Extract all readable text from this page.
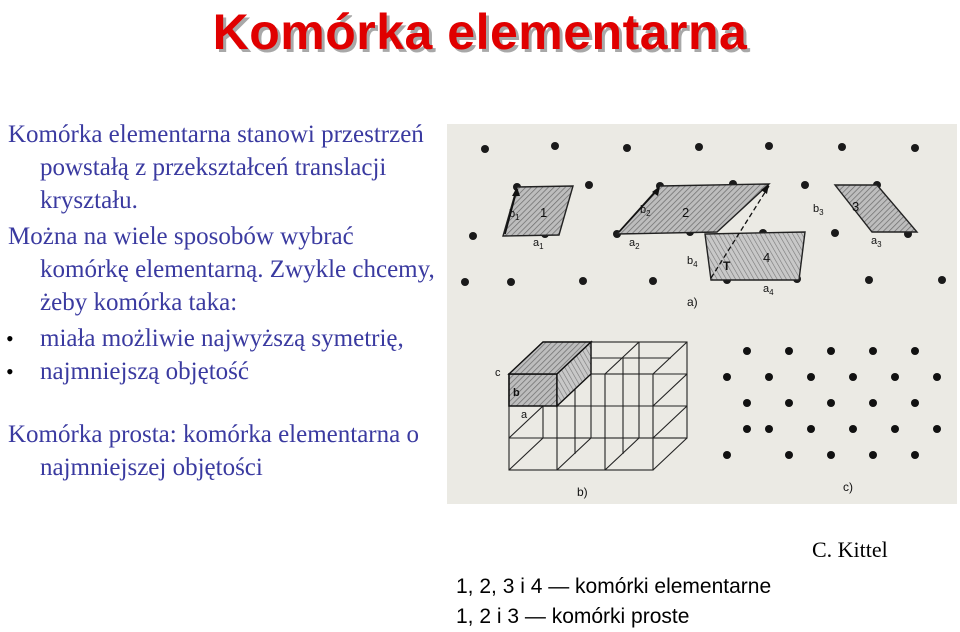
Komórka elementarna

Komórka elementarna stanowi przestrzeń powstałą z przekształceń translacji kryształu.

Można na wiele sposobów wybrać komórkę elementarną. Zwykle chcemy, żeby komórka taka:

• miała możliwie najwyższą symetrię,

• najmniejszą objętość

Komórka prosta: komórka elementarna o najmniejszej objętości

1
$b_1$
$a_1$
2
$b_2$
$a_2$
3
$b_3$
$a_3$
4
T
$b_4$
$a_4$
a)
c
b
a
b)	c)
C. Kittel
1, 2, 3 i 4 — komórki elementarne
1, 2 i 3 — komórki proste
